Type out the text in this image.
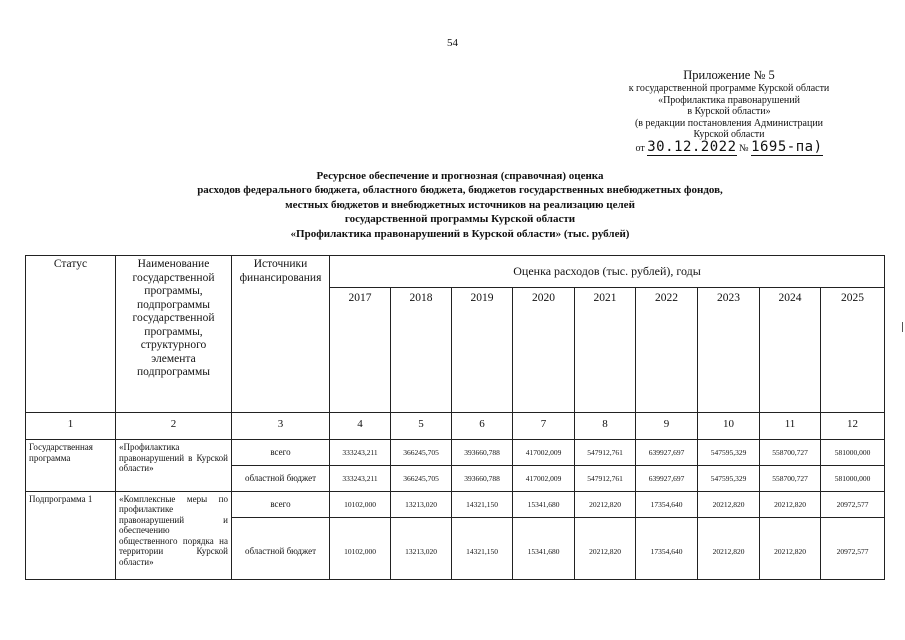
54
Приложение № 5
к государственной программе Курской области
«Профилактика правонарушений
в Курской области»
(в редакции постановления Администрации
Курской области
от 30.12.2022 № 1695-па)
Ресурсное обеспечение и прогнозная (справочная) оценка
расходов федерального бюджета, областного бюджета, бюджетов государственных внебюджетных фондов,
местных бюджетов и внебюджетных источников на реализацию целей
государственной программы Курской области
«Профилактика правонарушений в Курской области» (тыс. рублей)
Статус	Наименование государственной программы, подпрограммы государственной программы, структурного элемента подпрограммы	Источники финансирования	Оценка расходов (тыс. рублей), годы								
			2017	2018	2019	2020	2021	2022	2023	2024	2025
1	2	3	4	5	6	7	8	9	10	11	12
Государственная программа	«Профилактика правонарушений в Курской области»	всего	333243,211	366245,705	393660,788	417002,009	547912,761	639927,697	547595,329	558700,727	581000,000
		областной бюджет	333243,211	366245,705	393660,788	417002,009	547912,761	639927,697	547595,329	558700,727	581000,000
Подпрограмма 1	«Комплексные меры по профилактике правонарушений и обеспечению общественного порядка на территории Курской области»	всего	10102,000	13213,020	14321,150	15341,680	20212,820	17354,640	20212,820	20212,820	20972,577
		областной бюджет	10102,000	13213,020	14321,150	15341,680	20212,820	17354,640	20212,820	20212,820	20972,577
